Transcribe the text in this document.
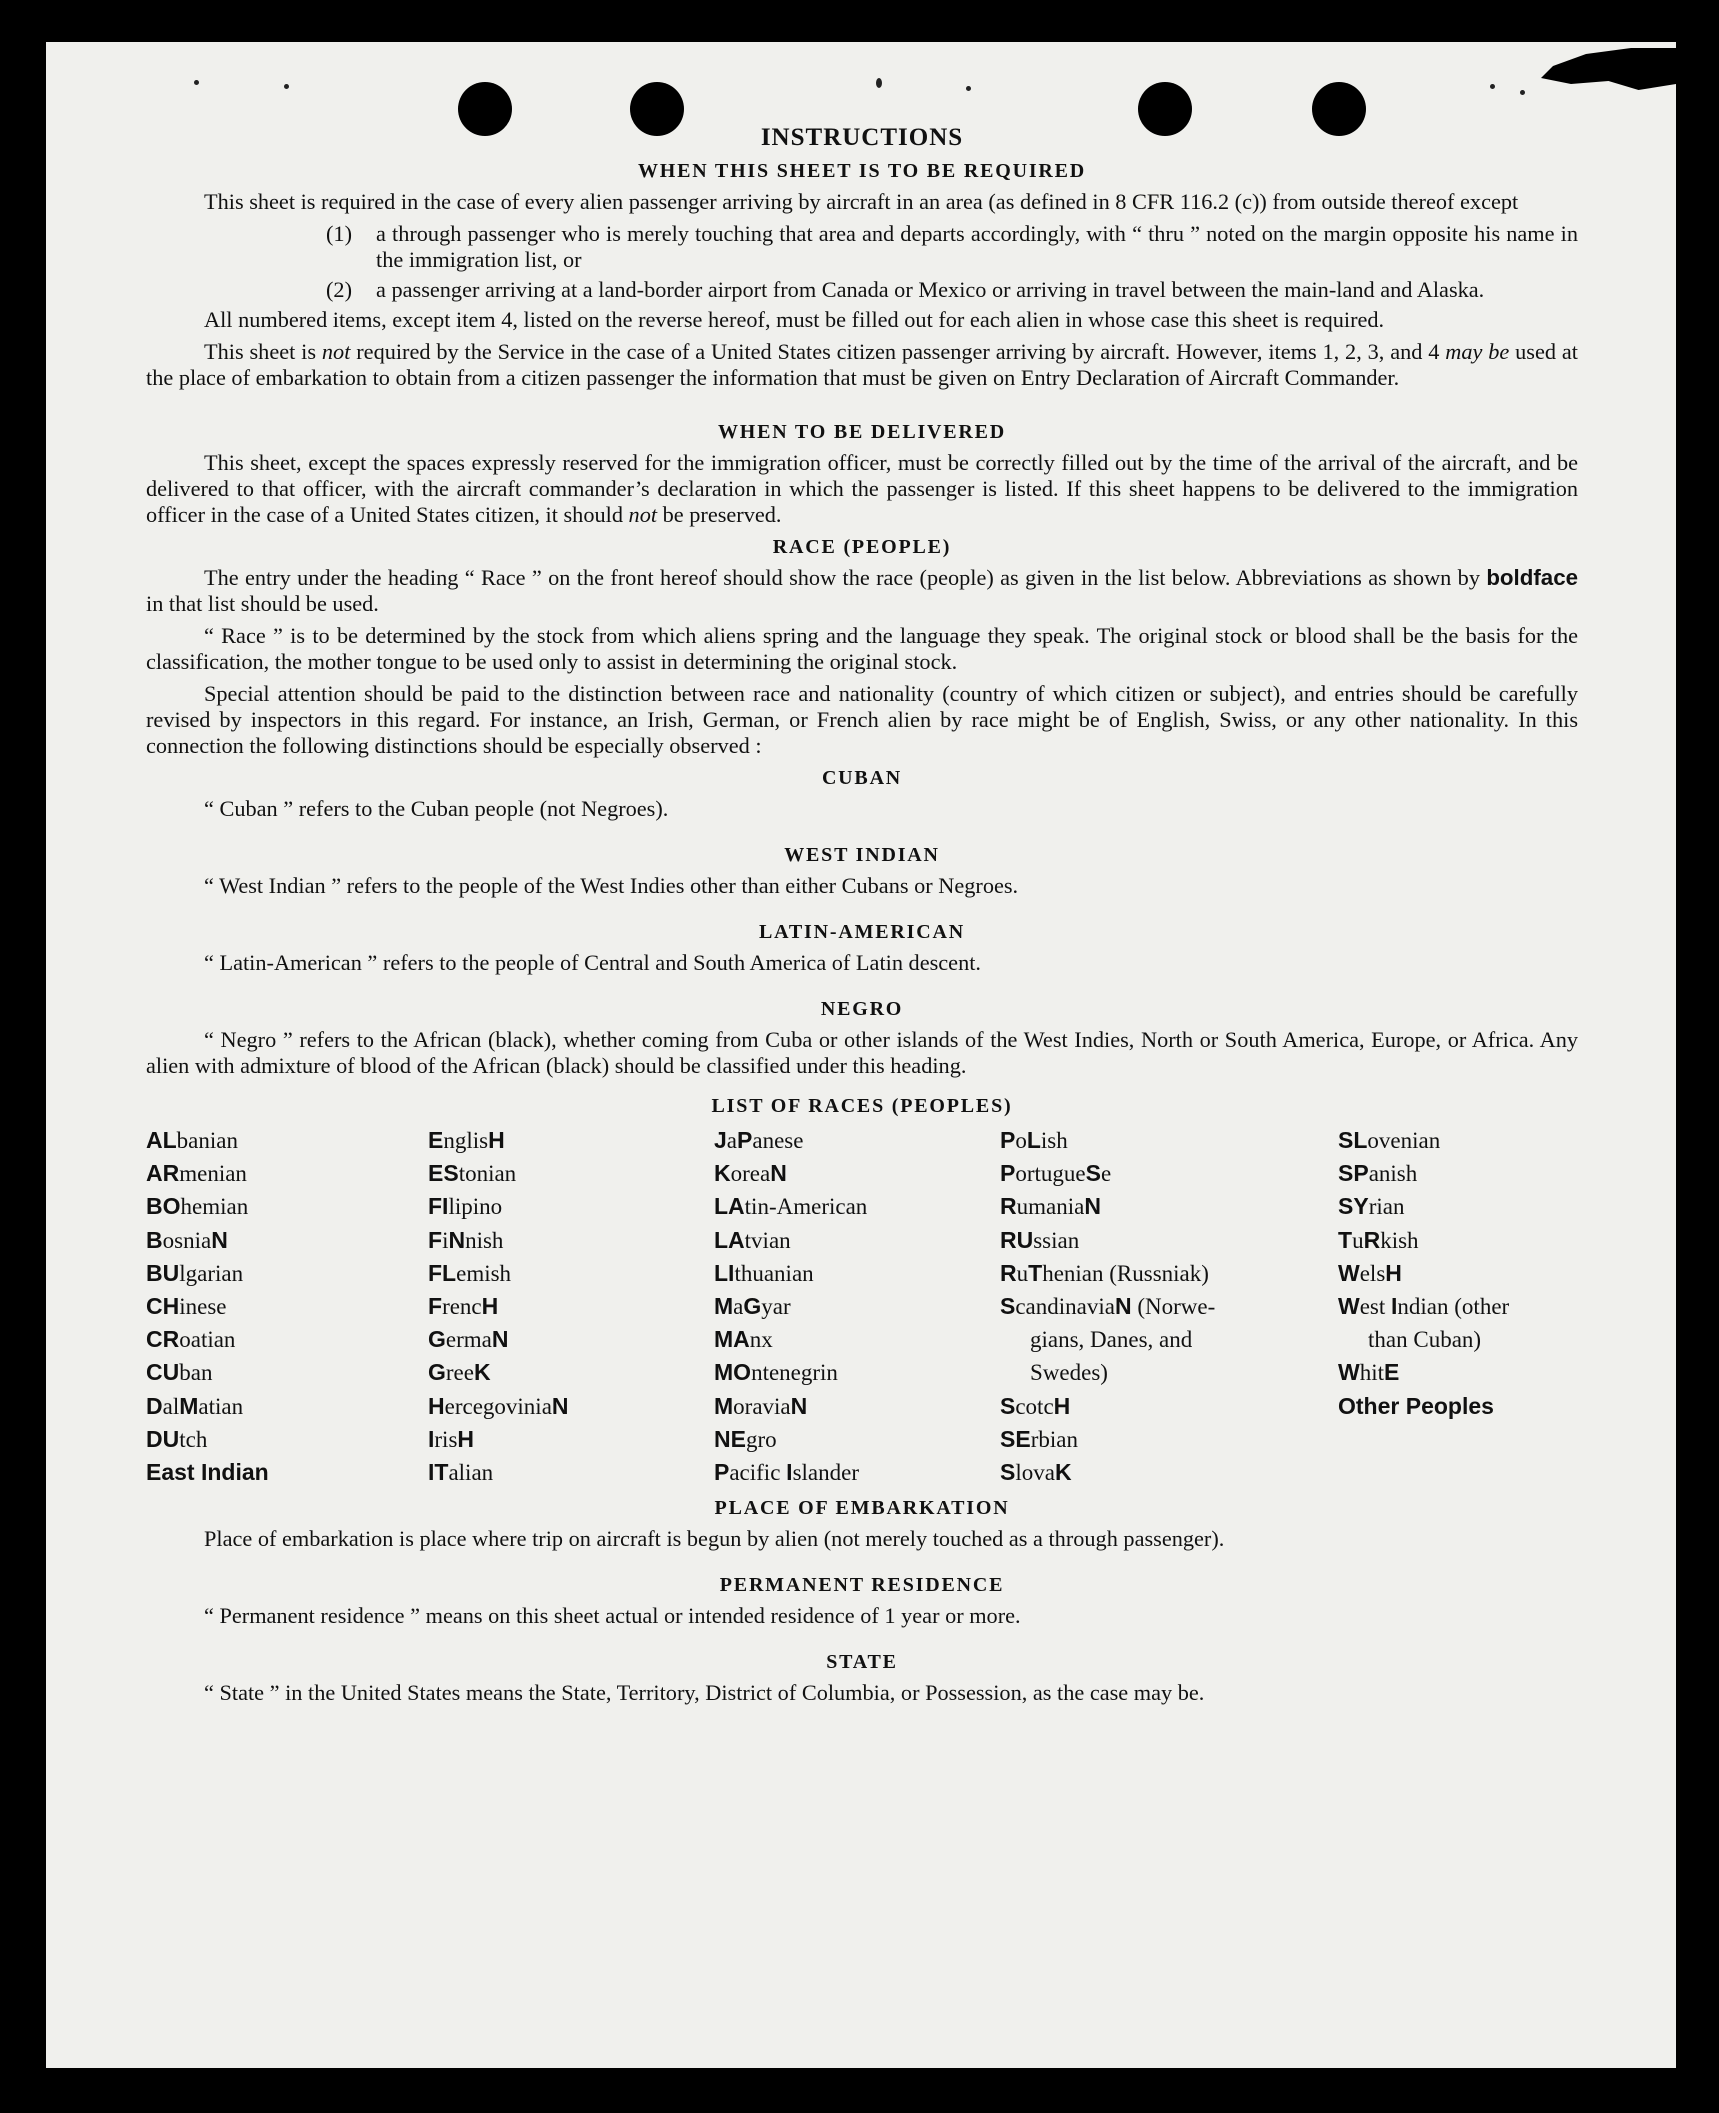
INSTRUCTIONS
WHEN THIS SHEET IS TO BE REQUIRED

This sheet is required in the case of every alien passenger arriving by aircraft in an area (as defined in 8 CFR 116.2 (c)) from outside thereof except

(1)	a through passenger who is merely touching that area and departs accordingly, with “ thru ” noted on the margin opposite his name in the immigration list, or
(2)	a passenger arriving at a land-border airport from Canada or Mexico or arriving in travel between the main-land and Alaska.

All numbered items, except item 4, listed on the reverse hereof, must be filled out for each alien in whose case this sheet is required.

This sheet is not required by the Service in the case of a United States citizen passenger arriving by aircraft. However, items 1, 2, 3, and 4 may be used at the place of embarkation to obtain from a citizen passenger the information that must be given on Entry Declaration of Aircraft Commander.

WHEN TO BE DELIVERED

This sheet, except the spaces expressly reserved for the immigration officer, must be correctly filled out by the time of the arrival of the aircraft, and be delivered to that officer, with the aircraft commander’s declaration in which the passenger is listed. If this sheet happens to be delivered to the immigration officer in the case of a United States citizen, it should not be preserved.

RACE (PEOPLE)

The entry under the heading “ Race ” on the front hereof should show the race (people) as given in the list below. Abbreviations as shown by boldface in that list should be used.

“ Race ” is to be determined by the stock from which aliens spring and the language they speak. The original stock or blood shall be the basis for the classification, the mother tongue to be used only to assist in determining the original stock.

Special attention should be paid to the distinction between race and nationality (country of which citizen or subject), and entries should be carefully revised by inspectors in this regard. For instance, an Irish, German, or French alien by race might be of English, Swiss, or any other nationality. In this connection the following distinctions should be especially observed :

CUBAN

“ Cuban ” refers to the Cuban people (not Negroes).

WEST INDIAN

“ West Indian ” refers to the people of the West Indies other than either Cubans or Negroes.

LATIN-AMERICAN

“ Latin-American ” refers to the people of Central and South America of Latin descent.

NEGRO

“ Negro ” refers to the African (black), whether coming from Cuba or other islands of the West Indies, North or South America, Europe, or Africa. Any alien with admixture of blood of the African (black) should be classified under this heading.

LIST OF RACES (PEOPLES)
ALbanian
ARmenian
BOhemian
BosniaN
BUlgarian
CHinese
CRoatian
CUban
DalMatian
DUtch
East Indian
EnglisH
EStonian
FIlipino
FiNnish
FLemish
FrencH
GermaN
GreeK
HercegoviniaN
IrisH
ITalian
JaPanese
KoreaN
LAtin-American
LAtvian
LIthuanian
MaGyar
MAnx
MOntenegrin
MoraviaN
NEgro
Pacific Islander
PoLish
PortugueSe
RumaniaN
RUssian
RuThenian (Russniak)
ScandinaviaN (Norwe-
gians, Danes, and
Swedes)
ScotcH
SErbian
SlovaK
SLovenian
SPanish
SYrian
TuRkish
WelsH
West Indian (other
than Cuban)
WhitE
Other Peoples
PLACE OF EMBARKATION

Place of embarkation is place where trip on aircraft is begun by alien (not merely touched as a through passenger).

PERMANENT RESIDENCE

“ Permanent residence ” means on this sheet actual or intended residence of 1 year or more.

STATE

“ State ” in the United States means the State, Territory, District of Columbia, or Possession, as the case may be.
